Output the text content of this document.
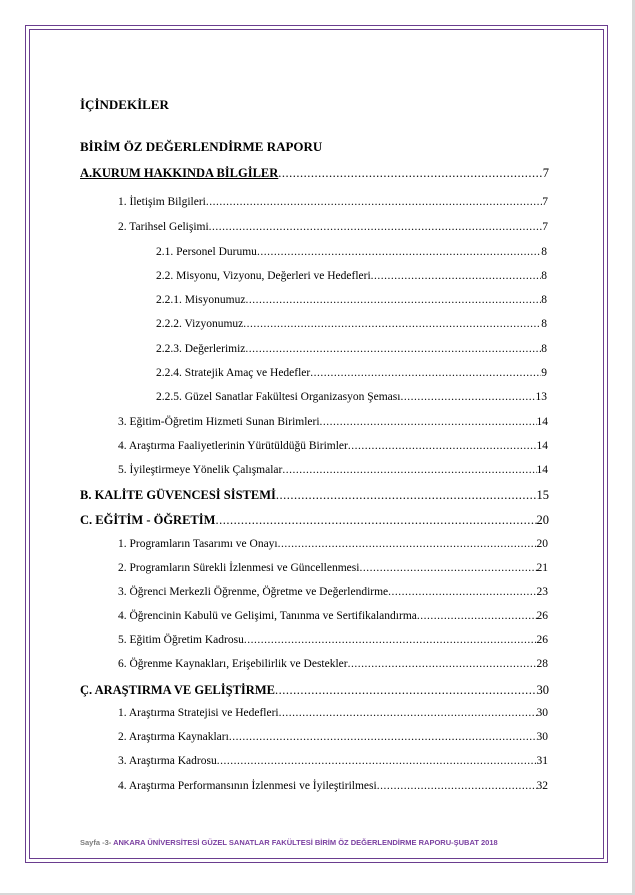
İÇİNDEKİLER
BİRİM ÖZ DEĞERLENDİRME RAPORU
A.KURUM HAKKINDA BİLGİLER .....	7
1. İletişim Bilgileri .....	7
2. Tarihsel Gelişimi .....	7
2.1. Personel Durumu .....	8
2.2. Misyonu, Vizyonu, Değerleri ve Hedefleri .....	8
2.2.1. Misyonumuz .....	8
2.2.2. Vizyonumuz .....	8
2.2.3. Değerlerimiz .....	8
2.2.4. Stratejik Amaç ve Hedefler .....	9
2.2.5. Güzel Sanatlar Fakültesi Organizasyon Şeması .....	13
3. Eğitim-Öğretim Hizmeti Sunan Birimleri .....	14
4. Araştırma Faaliyetlerinin Yürütüldüğü Birimler .....	14
5. İyileştirmeye Yönelik Çalışmalar .....	14
B. KALİTE GÜVENCESİ SİSTEMİ .....	15
C. EĞİTİM - ÖĞRETİM .....	20
1. Programların Tasarımı ve Onayı .....	20
2. Programların Sürekli İzlenmesi ve Güncellenmesi .....	21
3. Öğrenci Merkezli Öğrenme, Öğretme ve Değerlendirme .....	23
4. Öğrencinin Kabulü ve Gelişimi, Tanınma ve Sertifikalandırma .....	26
5. Eğitim Öğretim Kadrosu .....	26
6. Öğrenme Kaynakları, Erişebilirlik ve Destekler .....	28
Ç. ARAŞTIRMA VE GELİŞTİRME .....	30
1. Araştırma Stratejisi ve Hedefleri .....	30
2. Araştırma Kaynakları .....	30
3. Araştırma Kadrosu .....	31
4. Araştırma Performansının İzlenmesi ve İyileştirilmesi .....	32
Sayfa -3- ANKARA ÜNİVERSİTESİ GÜZEL SANATLAR FAKÜLTESİ BİRİM ÖZ DEĞERLENDİRME RAPORU-ŞUBAT 2018
